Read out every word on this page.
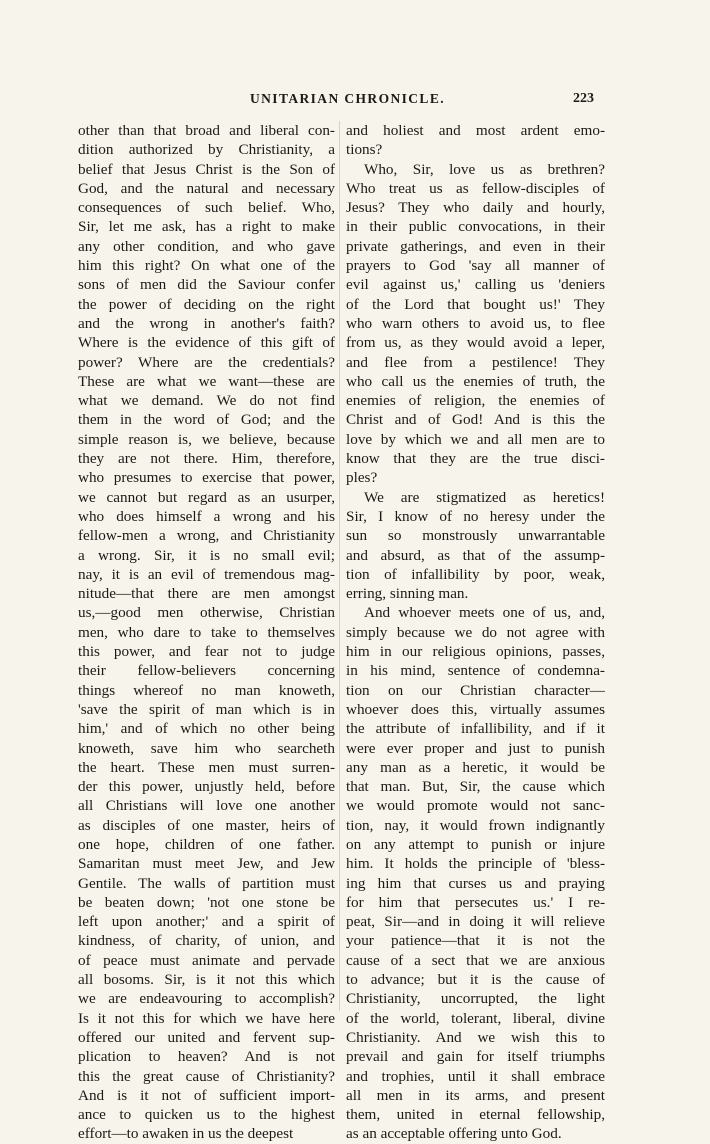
UNITARIAN CHRONICLE.	223
other than that broad and liberal con-
dition authorized by Christianity, a
belief that Jesus Christ is the Son of
God, and the natural and necessary
consequences of such belief. Who,
Sir, let me ask, has a right to make
any other condition, and who gave
him this right? On what one of the
sons of men did the Saviour confer
the power of deciding on the right
and the wrong in another's faith?
Where is the evidence of this gift of
power? Where are the credentials?
These are what we want—these are
what we demand. We do not find
them in the word of God; and the
simple reason is, we believe, because
they are not there. Him, therefore,
who presumes to exercise that power,
we cannot but regard as an usurper,
who does himself a wrong and his
fellow-men a wrong, and Christianity
a wrong. Sir, it is no small evil;
nay, it is an evil of tremendous mag-
nitude—that there are men amongst
us,—good men otherwise, Christian
men, who dare to take to themselves
this power, and fear not to judge
their fellow-believers concerning
things whereof no man knoweth,
'save the spirit of man which is in
him,' and of which no other being
knoweth, save him who searcheth
the heart. These men must surren-
der this power, unjustly held, before
all Christians will love one another
as disciples of one master, heirs of
one hope, children of one father.
Samaritan must meet Jew, and Jew
Gentile. The walls of partition must
be beaten down; 'not one stone be
left upon another;' and a spirit of
kindness, of charity, of union, and
of peace must animate and pervade
all bosoms. Sir, is it not this which
we are endeavouring to accomplish?
Is it not this for which we have here
offered our united and fervent sup-
plication to heaven? And is not
this the great cause of Christianity?
And is it not of sufficient import-
ance to quicken us to the highest
effort—to awaken in us the deepest
and holiest and most ardent emo-
tions?
Who, Sir, love us as brethren?
Who treat us as fellow-disciples of
Jesus? They who daily and hourly,
in their public convocations, in their
private gatherings, and even in their
prayers to God 'say all manner of
evil against us,' calling us 'deniers
of the Lord that bought us!' They
who warn others to avoid us, to flee
from us, as they would avoid a leper,
and flee from a pestilence! They
who call us the enemies of truth, the
enemies of religion, the enemies of
Christ and of God! And is this the
love by which we and all men are to
know that they are the true disci-
ples?
We are stigmatized as heretics!
Sir, I know of no heresy under the
sun so monstrously unwarrantable
and absurd, as that of the assump-
tion of infallibility by poor, weak,
erring, sinning man.
And whoever meets one of us, and,
simply because we do not agree with
him in our religious opinions, passes,
in his mind, sentence of condemna-
tion on our Christian character—
whoever does this, virtually assumes
the attribute of infallibility, and if it
were ever proper and just to punish
any man as a heretic, it would be
that man. But, Sir, the cause which
we would promote would not sanc-
tion, nay, it would frown indignantly
on any attempt to punish or injure
him. It holds the principle of 'bless-
ing him that curses us and praying
for him that persecutes us.' I re-
peat, Sir—and in doing it will relieve
your patience—that it is not the
cause of a sect that we are anxious
to advance; but it is the cause of
Christianity, uncorrupted, the light
of the world, tolerant, liberal, divine
Christianity. And we wish this to
prevail and gain for itself triumphs
and trophies, until it shall embrace
all men in its arms, and present
them, united in eternal fellowship,
as an acceptable offering unto God.
